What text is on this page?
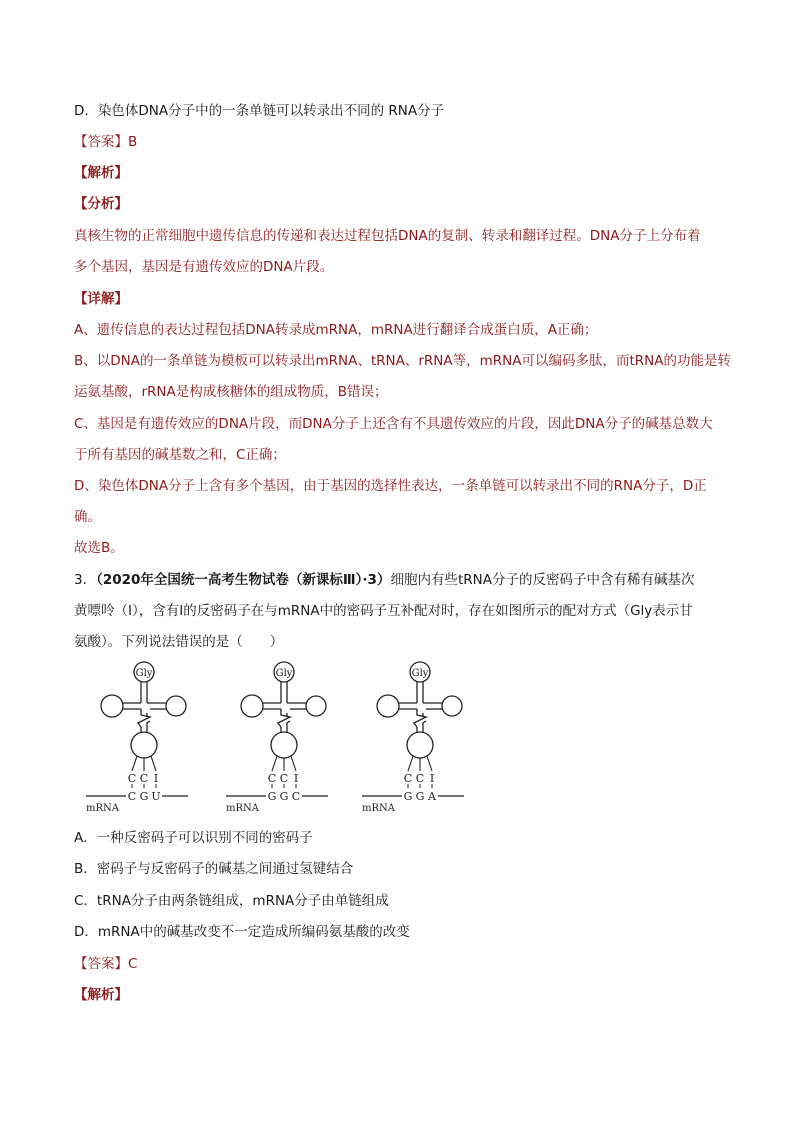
D．染色体DNA分子中的一条单链可以转录出不同的 RNA分子
【答案】B
【解析】
【分析】
真核生物的正常细胞中遗传信息的传递和表达过程包括DNA的复制、转录和翻译过程。DNA分子上分布着
多个基因，基因是有遗传效应的DNA片段。
【详解】
A、遗传信息的表达过程包括DNA转录成mRNA，mRNA进行翻译合成蛋白质，A正确；
B、以DNA的一条单链为模板可以转录出mRNA、tRNA、rRNA等，mRNA可以编码多肽，而tRNA的功能是转
运氨基酸，rRNA是构成核糖体的组成物质，B错误；
C、基因是有遗传效应的DNA片段，而DNA分子上还含有不具遗传效应的片段，因此DNA分子的碱基总数大
于所有基因的碱基数之和，C正确；
D、染色体DNA分子上含有多个基因，由于基因的选择性表达，一条单链可以转录出不同的RNA分子，D正
确。
故选B。
3．（2020年全国统一高考生物试卷（新课标Ⅲ）·3）细胞内有些tRNA分子的反密码子中含有稀有碱基次
黄嘌呤（I），含有I的反密码子在与mRNA中的密码子互补配对时，存在如图所示的配对方式（Gly表示甘
氨酸）。下列说法错误的是（　　）
Gly
C C I
C G U
mRNA
Gly
C C I
G G C
mRNA
Gly
C C I
G G A
mRNA
A．一种反密码子可以识别不同的密码子
B．密码子与反密码子的碱基之间通过氢键结合
C．tRNA分子由两条链组成，mRNA分子由单链组成
D．mRNA中的碱基改变不一定造成所编码氨基酸的改变
【答案】C
【解析】
